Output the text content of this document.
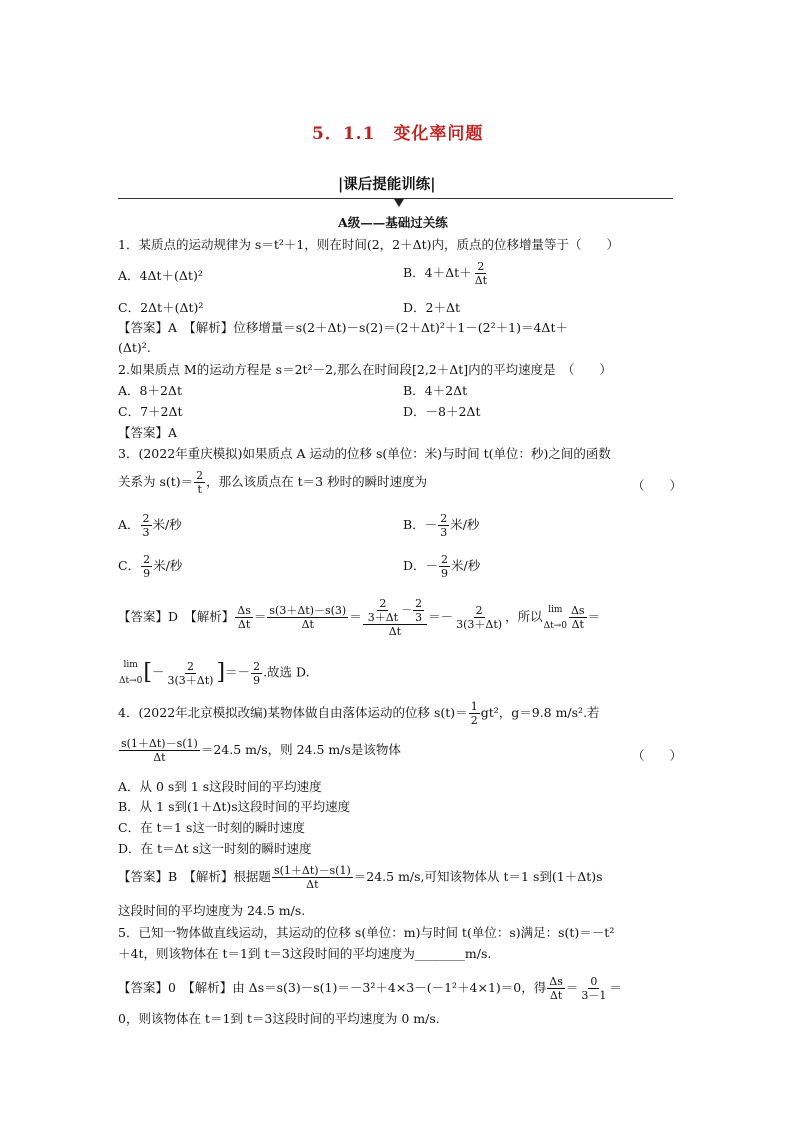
5．1.1　变化率问题
|课后提能训练|
A级——基础过关练
1．某质点的运动规律为 s＝t²＋1，则在时间(2，2＋Δt)内，质点的位移增量等于（　　）
A．4Δt＋(Δt)²	B．$4+\Delta t+ \frac{2}{\Delta t}$
C．2Δt＋(Δt)²	D．2＋Δt
【答案】A　【解析】位移增量＝s(2＋Δt)－s(2)＝(2＋Δt)²＋1－(2²＋1)＝4Δt＋
(Δt)².
2.如果质点 M的运动方程是 s＝2t²－2,那么在时间段[2,2＋Δt]内的平均速度是　（　　）
A．8＋2Δt	B．4＋2Δt
C．7＋2Δt	D．－8＋2Δt
【答案】A
3．(2022年重庆模拟)如果质点 A 运动的位移 s(单位：米)与时间 t(单位：秒)之间的函数
关系为 $s(t)= \frac{2}{t}$ ，那么该质点在 t＝3 秒时的瞬时速度为	（　　）
A． $\frac{2}{3}$ 米/秒	B．－ $\frac{2}{3}$ 米/秒
C． $\frac{2}{9}$ 米/秒	D．－ $\frac{2}{9}$ 米/秒
【答案】D　【解析】 $\frac{\Delta s}{\Delta t} = \frac{s(3+\Delta t)-s(3)}{\Delta t} = \frac{\frac{2}{3+\Delta t} - \frac{2}{3}}{\Delta t} =- \frac{2}{3(3+\Delta t)}$ ，所以 lim
$\Delta t\to 0 \frac{\Delta s}{\Delta t}$ ＝
lim
Δt→0 [－ $\frac{2}{3(3+\Delta t)}$ ]＝－ $\frac{2}{9}$ .故选 D.
4．(2022年北京模拟改编)某物体做自由落体运动的位移 $s(t)= \frac{1}{2} gt^2$，g＝9.8 m/s².若
$\frac{s(1+\Delta t)-s(1)}{\Delta t} =24.5$ m/s，则 24.5 m/s是该物体	（　　）
A．从 0 s到 1 s这段时间的平均速度
B．从 1 s到(1＋Δt)s这段时间的平均速度
C．在 t＝1 s这一时刻的瞬时速度
D．在 t＝Δt s这一时刻的瞬时速度
【答案】B　【解析】根据题 $\frac{s(1+\Delta t)-s(1)}{\Delta t} =24.5$ m/s,可知该物体从 t＝1 s到(1＋Δt)s
这段时间的平均速度为 24.5 m/s.
5．已知一物体做直线运动，其运动的位移 s(单位：m)与时间 t(单位：s)满足：s(t)＝－t²
＋4t，则该物体在 t＝1到 t＝3这段时间的平均速度为________m/s.
【答案】0　【解析】由 Δs＝s(3)－s(1)＝－3²＋4×3－(－1²＋4×1)＝0，得 $\frac{\Delta s}{\Delta t} = \frac{0}{3-1}$ ＝
0，则该物体在 t＝1到 t＝3这段时间的平均速度为 0 m/s.
